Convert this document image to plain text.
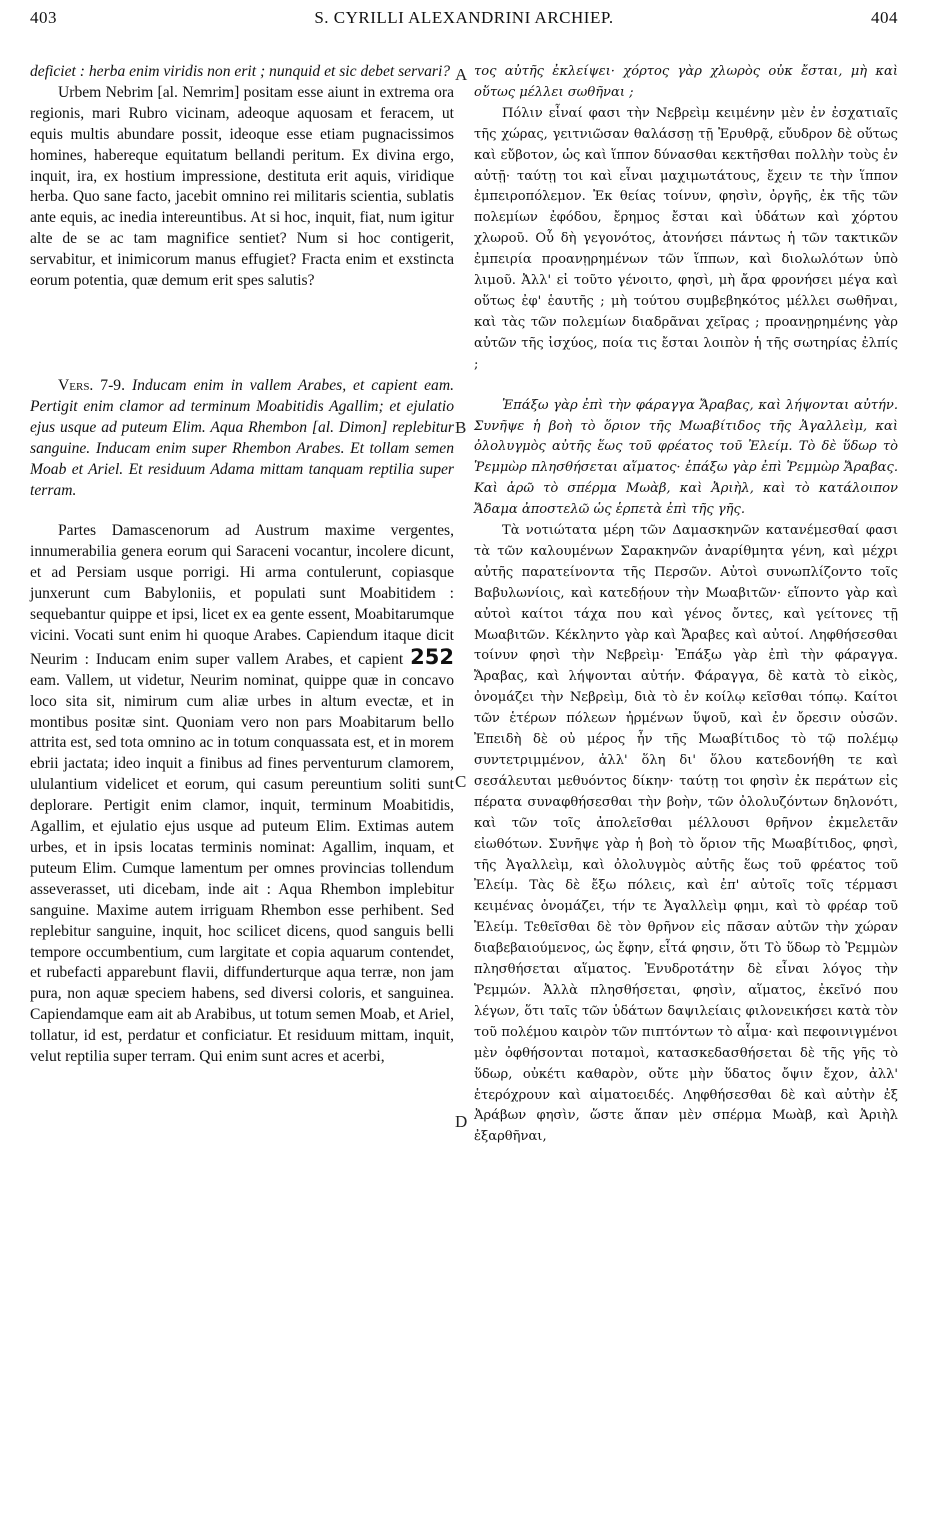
403	S. CYRILLI ALEXANDRINI ARCHIEP.	404

deficiet : herba enim viridis non erit ; nunquid et sic debet servari?

Urbem Nebrim [al. Nemrim] positam esse aiunt in extrema ora regionis, mari Rubro vicinam, adeoque aquosam et feracem, ut equis multis abundare possit, ideoque esse etiam pugnacissimos homines, habereque equitatum bellandi peritum. Ex divina ergo, inquit, ira, ex hostium impressione, destituta erit aquis, viridique herba. Quo sane facto, jacebit omnino rei militaris scientia, sublatis ante equis, ac inedia intereuntibus. At si hoc, inquit, fiat, num igitur alte de se ac tam magnifice sentiet? Num si hoc contigerit, servabitur, et inimicorum manus effugiet? Fracta enim et exstincta eorum potentia, quæ demum erit spes salutis?

Vers. 7-9. Inducam enim in vallem Arabes, et capient eam. Pertigit enim clamor ad terminum Moabitidis Agallim; et ejulatio ejus usque ad puteum Elim. Aqua Rhembon [al. Dimon] replebitur sanguine. Inducam enim super Rhembon Arabes. Et tollam semen Moab et Ariel. Et residuum Adama mittam tanquam reptilia super terram.

Partes Damascenorum ad Austrum maxime vergentes, innumerabilia genera eorum qui Saraceni vocantur, incolere dicunt, et ad Persiam usque porrigi. Hi arma contulerunt, copiasque junxerunt cum Babyloniis, et populati sunt Moabitidem : sequebantur quippe et ipsi, licet ex ea gente essent, Moabitarumque vicini. Vocati sunt enim hi quoque Arabes. Capiendum itaque dicit Neurim : Inducam enim super vallem Arabes, et capient 252 eam. Vallem, ut videtur, Neurim nominat, quippe quæ in concavo loco sita sit, nimirum cum aliæ urbes in altum evectæ, et in montibus positæ sint. Quoniam vero non pars Moabitarum bello attrita est, sed tota omnino ac in totum conquassata est, et in morem ebrii jactata; ideo inquit a finibus ad fines perventurum clamorem, ululantium videlicet et eorum, qui casum pereuntium soliti sunt deplorare. Pertigit enim clamor, inquit, terminum Moabitidis, Agallim, et ejulatio ejus usque ad puteum Elim. Extimas autem urbes, et in ipsis locatas terminis nominat: Agallim, inquam, et puteum Elim. Cumque lamentum per omnes provincias tollendum asseverasset, uti dicebam, inde ait : Aqua Rhembon implebitur sanguine. Maxime autem irriguam Rhembon esse perhibent. Sed replebitur sanguine, inquit, hoc scilicet dicens, quod sanguis belli tempore occumbentium, cum largitate et copia aquarum contendet, et rubefacti apparebunt flavii, diffunderturque aqua terræ, non jam pura, non aquæ speciem habens, sed diversi coloris, et sanguinea. Capiendamque eam ait ab Arabibus, ut totum semen Moab, et Ariel, tollatur, id est, perdatur et conficiatur. Et residuum mittam, inquit, velut reptilia super terram. Qui enim sunt acres et acerbi,

τος αὐτῆς ἐκλείψει· χόρτος γὰρ χλωρὸς οὐκ ἔσται, μὴ καὶ οὕτως μέλλει σωθῆναι ;

Πόλιν εἶναί φασι τὴν Νεβρεὶμ κειμένην μὲν ἐν ἐσχατιαῖς τῆς χώρας, γειτνιῶσαν θαλάσσῃ τῇ Ἐρυθρᾷ, εὔυδρον δὲ οὕτως καὶ εὔβοτον, ὡς καὶ ἵππον δύνασθαι κεκτῆσθαι πολλὴν τοὺς ἐν αὐτῇ· ταύτῃ τοι καὶ εἶναι μαχιμωτάτους, ἔχειν τε τὴν ἵππον ἐμπειροπόλεμον. Ἐκ θείας τοίνυν, φησὶν, ὀργῆς, ἐκ τῆς τῶν πολεμίων ἐφόδου, ἔρημος ἔσται καὶ ὑδάτων καὶ χόρτου χλωροῦ. Οὗ δὴ γεγονότος, ἀτονήσει πάντως ἡ τῶν τακτικῶν ἐμπειρία προανῃρημένων τῶν ἵππων, καὶ διολωλότων ὑπὸ λιμοῦ. Ἀλλ' εἰ τοῦτο γένοιτο, φησὶ, μὴ ἄρα φρονήσει μέγα καὶ οὕτως ἐφ' ἑαυτῆς ; μὴ τούτου συμβεβηκότος μέλλει σωθῆναι, καὶ τὰς τῶν πολεμίων διαδρᾶναι χεῖρας ; προανῃρημένης γὰρ αὐτῶν τῆς ἰσχύος, ποία τις ἔσται λοιπὸν ἡ τῆς σωτηρίας ἐλπίς ;

Ἐπάξω γὰρ ἐπὶ τὴν φάραγγα Ἄραβας, καὶ λήψονται αὐτήν. Συνῆψε ἡ βοὴ τὸ ὅριον τῆς Μωαβίτιδος τῆς Ἀγαλλεὶμ, καὶ ὀλολυγμὸς αὐτῆς ἕως τοῦ φρέατος τοῦ Ἐλείμ. Τὸ δὲ ὕδωρ τὸ Ῥεμμὼρ πλησθήσεται αἵματος· ἐπάξω γὰρ ἐπὶ Ῥεμμὼρ Ἄραβας. Καὶ ἀρῶ τὸ σπέρμα Μωὰβ, καὶ Ἀριὴλ, καὶ τὸ κατάλοιπον Ἄδαμα ἀποστελῶ ὡς ἑρπετὰ ἐπὶ τῆς γῆς.

Τὰ νοτιώτατα μέρη τῶν Δαμασκηνῶν κατανέμεσθαί φασι τὰ τῶν καλουμένων Σαρακηνῶν ἀναρίθμητα γένη, καὶ μέχρι αὐτῆς παρατείνοντα τῆς Περσῶν. Αὐτοὶ συνωπλίζοντο τοῖς Βαβυλωνίοις, καὶ κατεδῄουν τὴν Μωαβιτῶν· εἵποντο γὰρ καὶ αὐτοὶ καίτοι τάχα που καὶ γένος ὄντες, καὶ γείτονες τῇ Μωαβιτῶν. Κέκληντο γὰρ καὶ Ἄραβες καὶ αὐτοί. Ληφθήσεσθαι τοίνυν φησὶ τὴν Νεβρεὶμ· Ἐπάξω γὰρ ἐπὶ τὴν φάραγγα. Ἄραβας, καὶ λήψονται αὐτήν. Φάραγγα, δὲ κατὰ τὸ εἰκὸς, ὀνομάζει τὴν Νεβρεὶμ, διὰ τὸ ἐν κοίλῳ κεῖσθαι τόπῳ. Καίτοι τῶν ἑτέρων πόλεων ἠρμένων ὕψοῦ, καὶ ἐν ὄρεσιν οὐσῶν. Ἐπειδὴ δὲ οὐ μέρος ἦν τῆς Μωαβίτιδος τὸ τῷ πολέμῳ συντετριμμένον, ἀλλ' ὅλη δι' ὅλου κατεδονήθη τε καὶ σεσάλευται μεθυόντος δίκην· ταύτῃ τοι φησὶν ἐκ περάτων εἰς πέρατα συναφθήσεσθαι τὴν βοὴν, τῶν ὀλολυζόντων δηλονότι, καὶ τῶν τοῖς ἀπολεῖσθαι μέλλουσι θρῆνον ἐκμελετᾶν εἰωθότων. Συνῆψε γὰρ ἡ βοὴ τὸ ὅριον τῆς Μωαβίτιδος, φησὶ, τῆς Ἀγαλλεὶμ, καὶ ὀλολυγμὸς αὐτῆς ἕως τοῦ φρέατος τοῦ Ἐλείμ. Τὰς δὲ ἔξω πόλεις, καὶ ἐπ' αὐτοῖς τοῖς τέρμασι κειμένας ὀνομάζει, τήν τε Ἀγαλλεὶμ φημι, καὶ τὸ φρέαρ τοῦ Ἐλείμ. Τεθεῖσθαι δὲ τὸν θρῆνον εἰς πᾶσαν αὐτῶν τὴν χώραν διαβεβαιούμενος, ὡς ἔφην, εἶτά φησιν, ὅτι Τὸ ὕδωρ τὸ Ῥεμμὼν πλησθήσεται αἵματος. Ἐνυδροτάτην δὲ εἶναι λόγος τὴν Ῥεμμών. Ἀλλὰ πλησθήσεται, φησὶν, αἵματος, ἐκεῖνό που λέγων, ὅτι ταῖς τῶν ὑδάτων δαψιλείαις φιλονεικήσει κατὰ τὸν τοῦ πολέμου καιρὸν τῶν πιπτόντων τὸ αἷμα· καὶ πεφοινιγμένοι μὲν ὀφθήσονται ποταμοὶ, κατασκεδασθήσεται δὲ τῆς γῆς τὸ ὕδωρ, οὐκέτι καθαρὸν, οὔτε μὴν ὕδατος ὄψιν ἔχον, ἀλλ' ἑτερόχρουν καὶ αἱματοειδές. Ληφθήσεσθαι δὲ καὶ αὐτὴν ἐξ Ἀράβων φησὶν, ὥστε ἅπαν μὲν σπέρμα Μωὰβ, καὶ Ἀριὴλ ἐξαρθῆναι,

A
B
C
D
